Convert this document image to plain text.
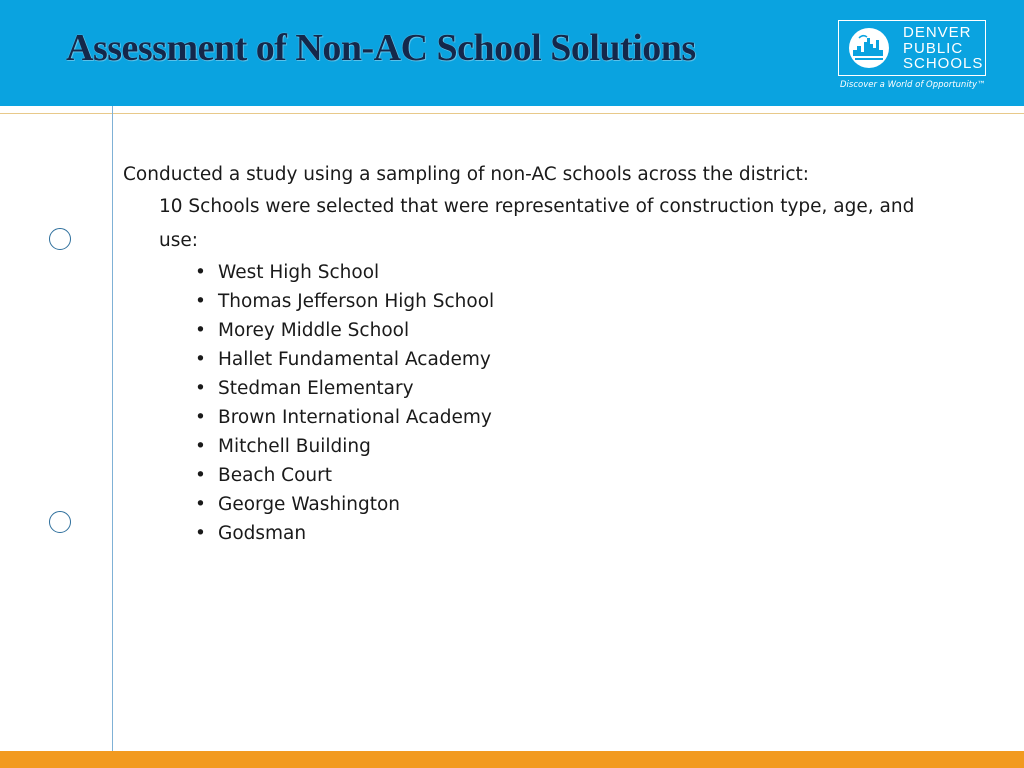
Assessment of Non-AC School Solutions	DENVER
PUBLIC
SCHOOLS
Discover a World of Opportunity™

Conducted a study using a sampling of non-AC schools across the district:

10 Schools were selected that were representative of construction type, age, and use:

• West High School
• Thomas Jefferson High School
• Morey Middle School
• Hallet Fundamental Academy
• Stedman Elementary
• Brown International Academy
• Mitchell Building
• Beach Court
• George Washington
• Godsman
